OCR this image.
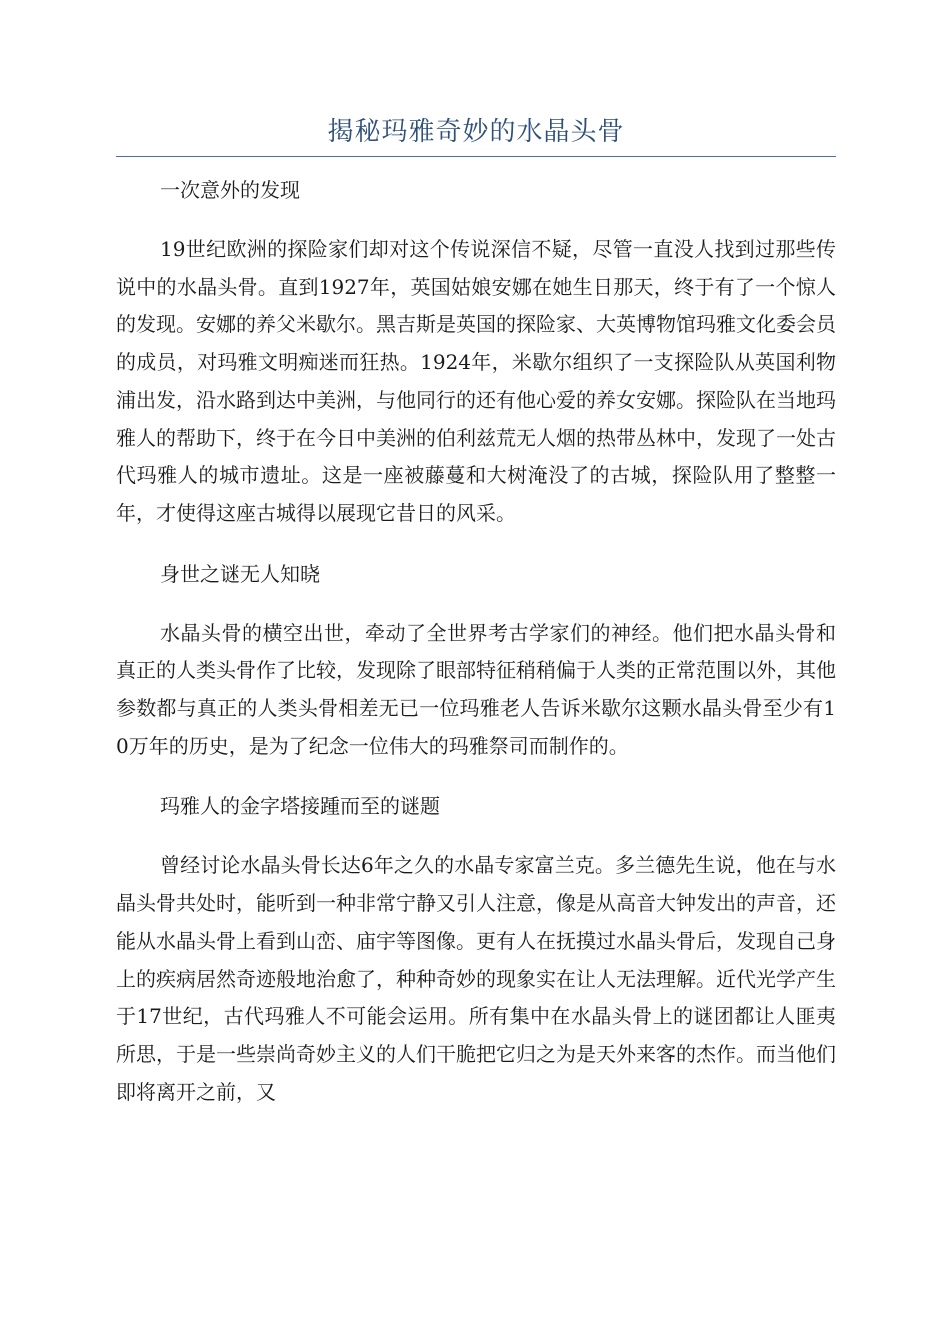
揭秘玛雅奇妙的水晶头骨

一次意外的发现

19世纪欧洲的探险家们却对这个传说深信不疑，尽管一直没人找到过那些传说中的水晶头骨。直到1927年，英国姑娘安娜在她生日那天，终于有了一个惊人的发现。安娜的养父米歇尔。黑吉斯是英国的探险家、大英博物馆玛雅文化委会员的成员，对玛雅文明痴迷而狂热。1924年，米歇尔组织了一支探险队从英国利物浦出发，沿水路到达中美洲，与他同行的还有他心爱的养女安娜。探险队在当地玛雅人的帮助下，终于在今日中美洲的伯利兹荒无人烟的热带丛林中，发现了一处古代玛雅人的城市遗址。这是一座被藤蔓和大树淹没了的古城，探险队用了整整一年，才使得这座古城得以展现它昔日的风采。

身世之谜无人知晓

水晶头骨的横空出世，牵动了全世界考古学家们的神经。他们把水晶头骨和真正的人类头骨作了比较，发现除了眼部特征稍稍偏于人类的正常范围以外，其他参数都与真正的人类头骨相差无已一位玛雅老人告诉米歇尔这颗水晶头骨至少有10万年的历史，是为了纪念一位伟大的玛雅祭司而制作的。

玛雅人的金字塔接踵而至的谜题

曾经讨论水晶头骨长达6年之久的水晶专家富兰克。多兰德先生说，他在与水晶头骨共处时，能听到一种非常宁静又引人注意，像是从高音大钟发出的声音，还能从水晶头骨上看到山峦、庙宇等图像。更有人在抚摸过水晶头骨后，发现自己身上的疾病居然奇迹般地治愈了，种种奇妙的现象实在让人无法理解。近代光学产生于17世纪，古代玛雅人不可能会运用。所有集中在水晶头骨上的谜团都让人匪夷所思，于是一些崇尚奇妙主义的人们干脆把它归之为是天外来客的杰作。而当他们即将离开之前，又
